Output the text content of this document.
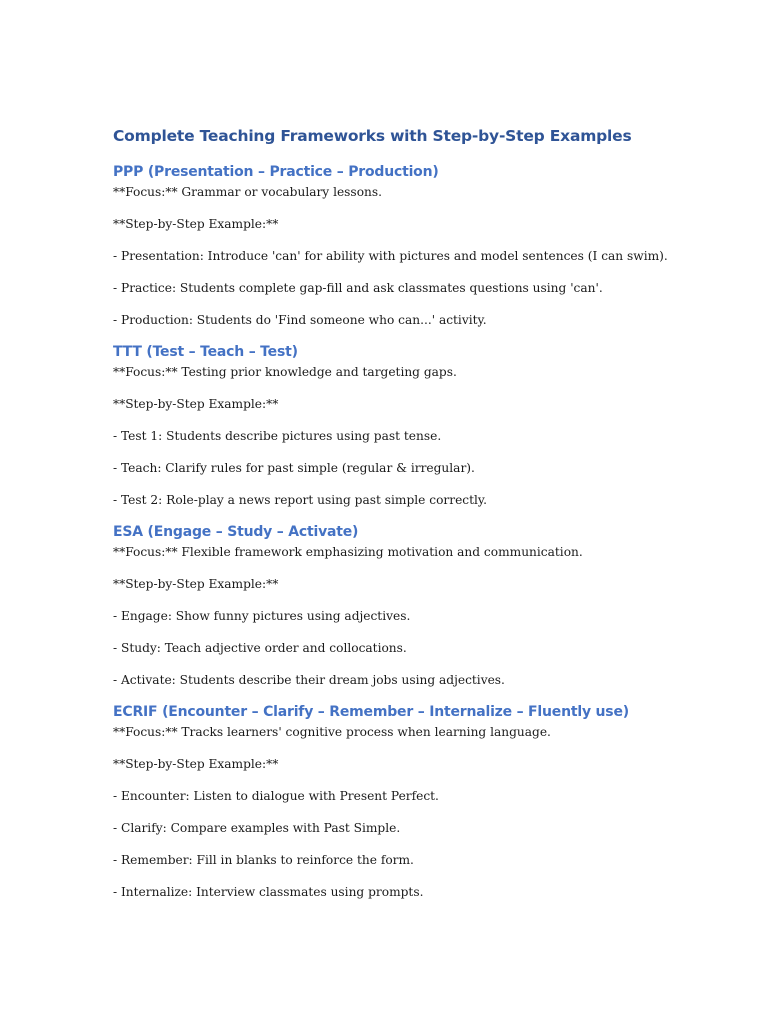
Complete Teaching Frameworks with Step-by-Step Examples
PPP (Presentation – Practice – Production)

**Focus:** Grammar or vocabulary lessons.

**Step-by-Step Example:**

- Presentation: Introduce 'can' for ability with pictures and model sentences (I can swim).

- Practice: Students complete gap-fill and ask classmates questions using 'can'.

- Production: Students do 'Find someone who can...' activity.

TTT (Test – Teach – Test)

**Focus:** Testing prior knowledge and targeting gaps.

**Step-by-Step Example:**

- Test 1: Students describe pictures using past tense.

- Teach: Clarify rules for past simple (regular & irregular).

- Test 2: Role-play a news report using past simple correctly.

ESA (Engage – Study – Activate)

**Focus:** Flexible framework emphasizing motivation and communication.

**Step-by-Step Example:**

- Engage: Show funny pictures using adjectives.

- Study: Teach adjective order and collocations.

- Activate: Students describe their dream jobs using adjectives.

ECRIF (Encounter – Clarify – Remember – Internalize – Fluently use)

**Focus:** Tracks learners' cognitive process when learning language.

**Step-by-Step Example:**

- Encounter: Listen to dialogue with Present Perfect.

- Clarify: Compare examples with Past Simple.

- Remember: Fill in blanks to reinforce the form.

- Internalize: Interview classmates using prompts.
